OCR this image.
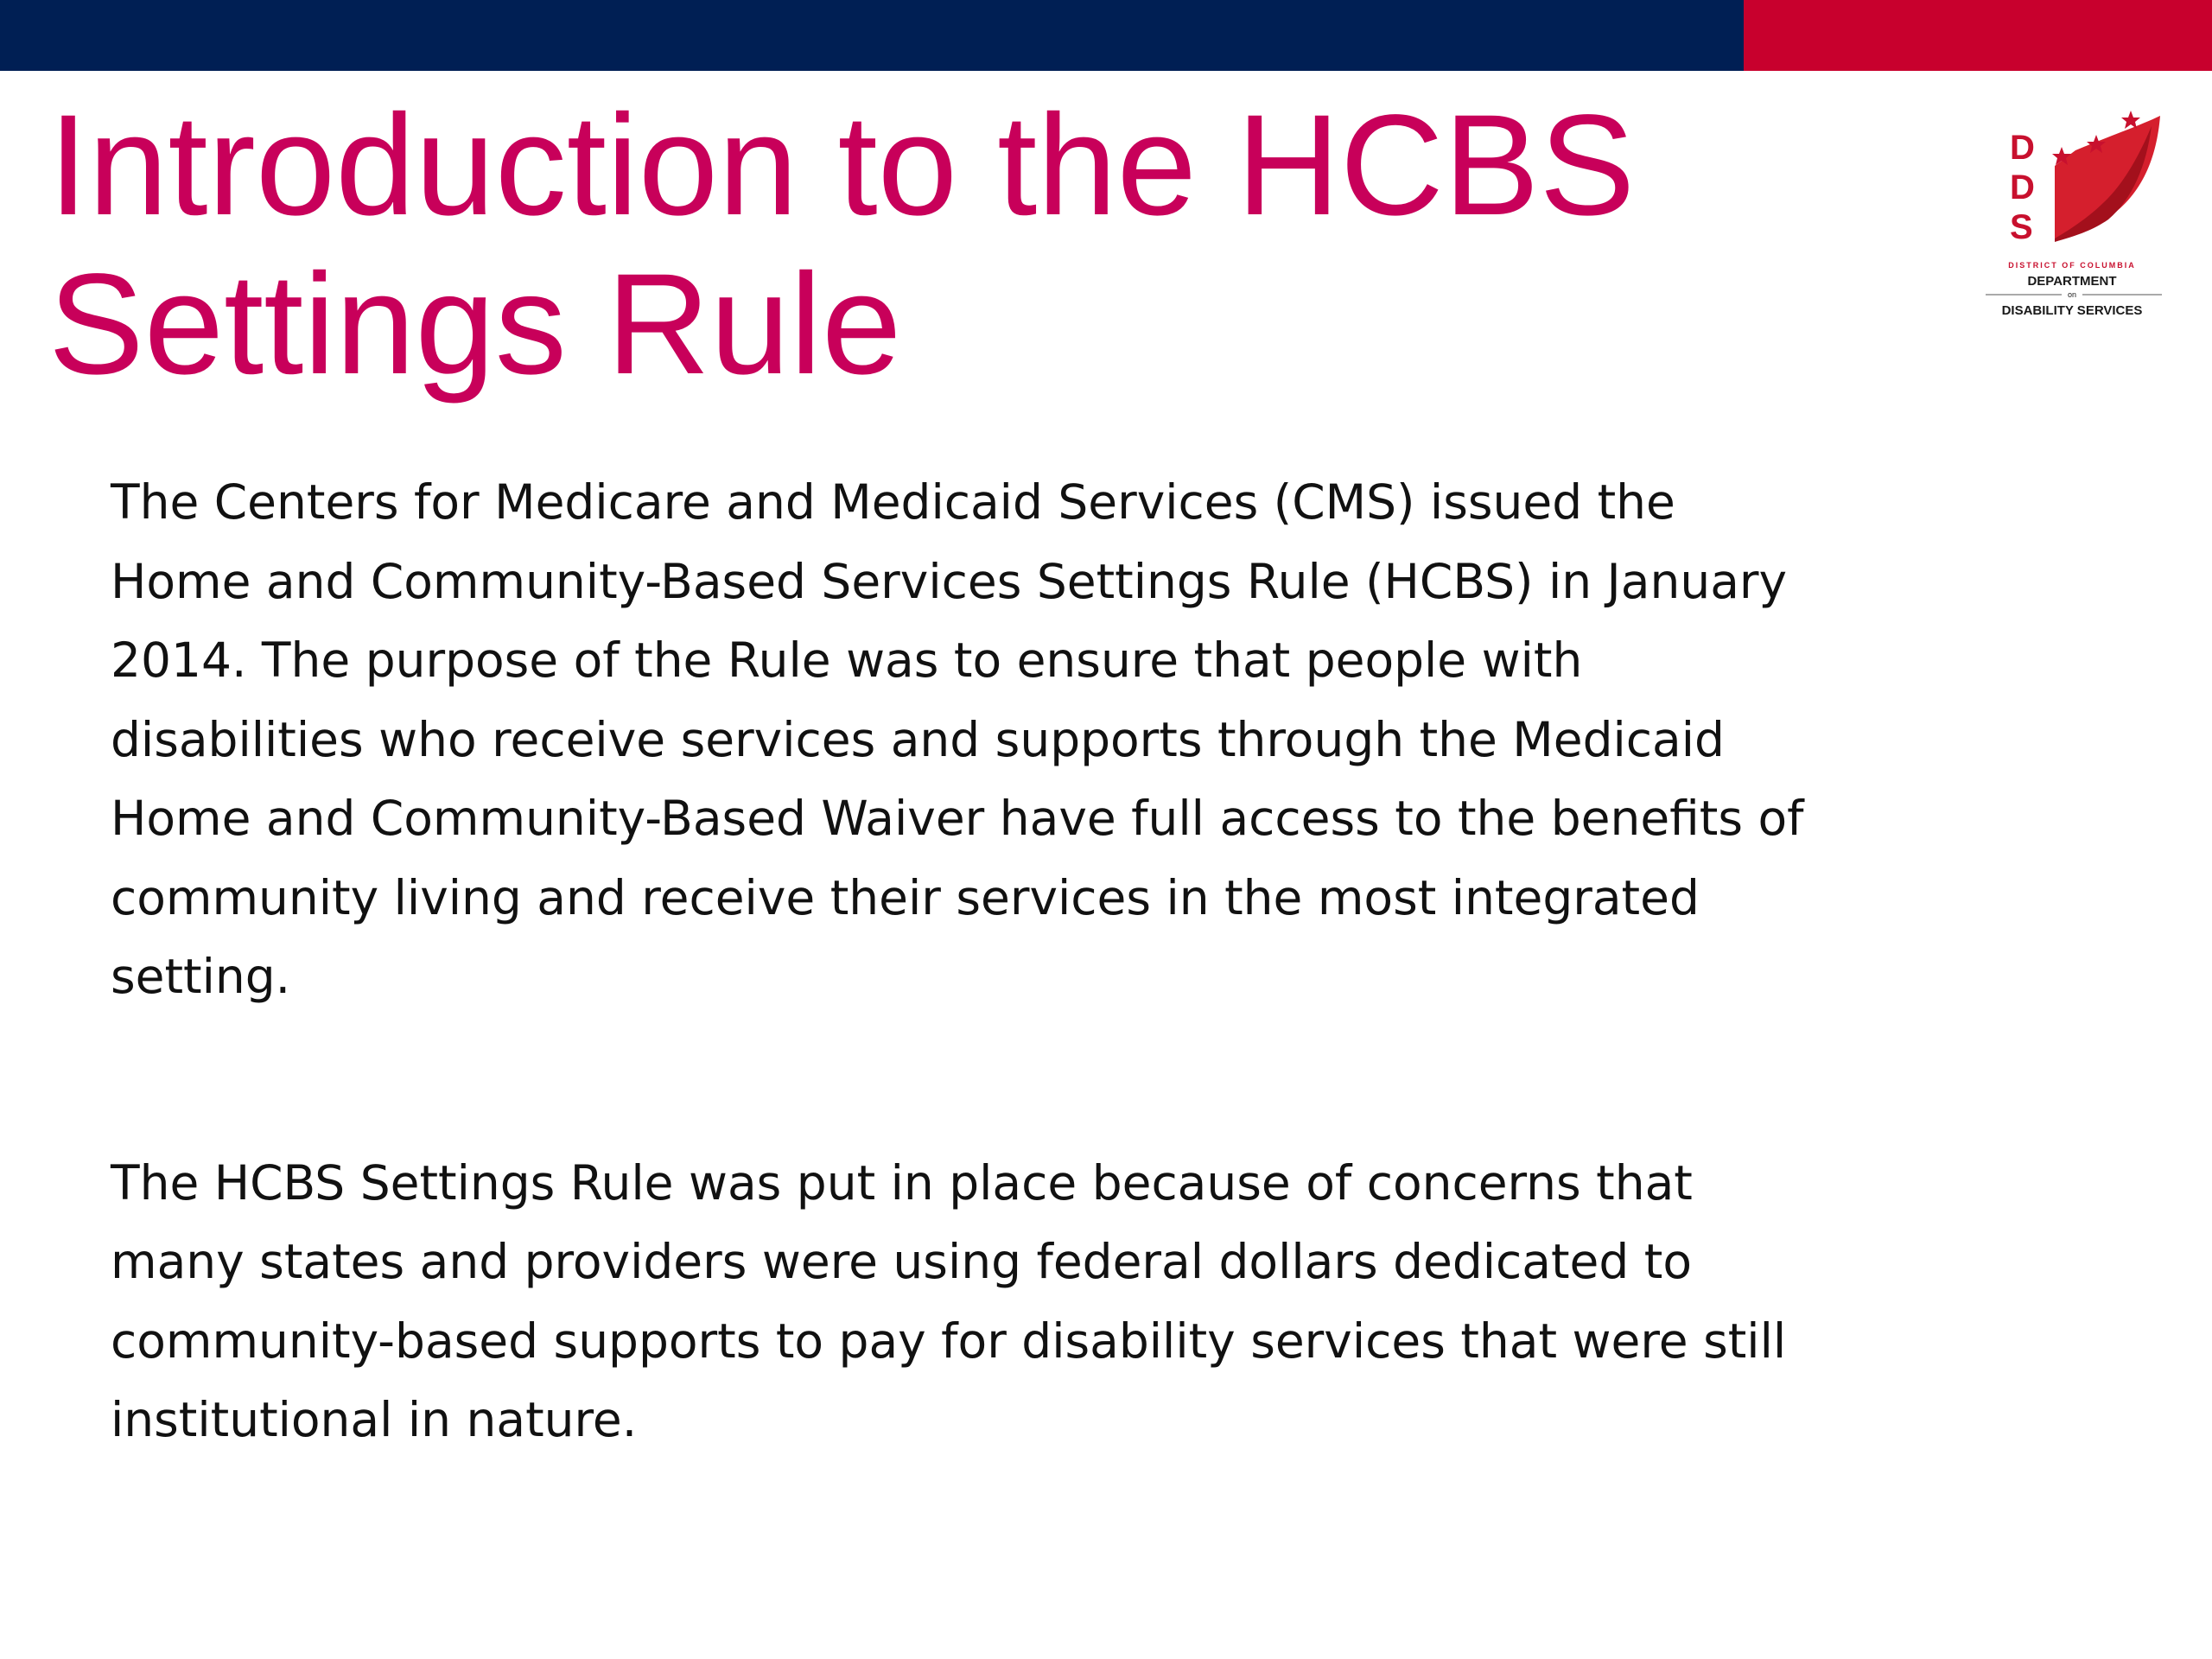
Introduction to the HCBS
Settings Rule
D
D
S
DISTRICT OF COLUMBIA
DEPARTMENT
on
DISABILITY SERVICES
The Centers for Medicare and Medicaid Services (CMS) issued the
Home and Community-Based Services Settings Rule (HCBS) in January
2014. The purpose of the Rule was to ensure that people with
disabilities who receive services and supports through the Medicaid
Home and Community-Based Waiver have full access to the benefits of
community living and receive their services in the most integrated
setting.
The HCBS Settings Rule was put in place because of concerns that
many states and providers were using federal dollars dedicated to
community-based supports to pay for disability services that were still
institutional in nature.
